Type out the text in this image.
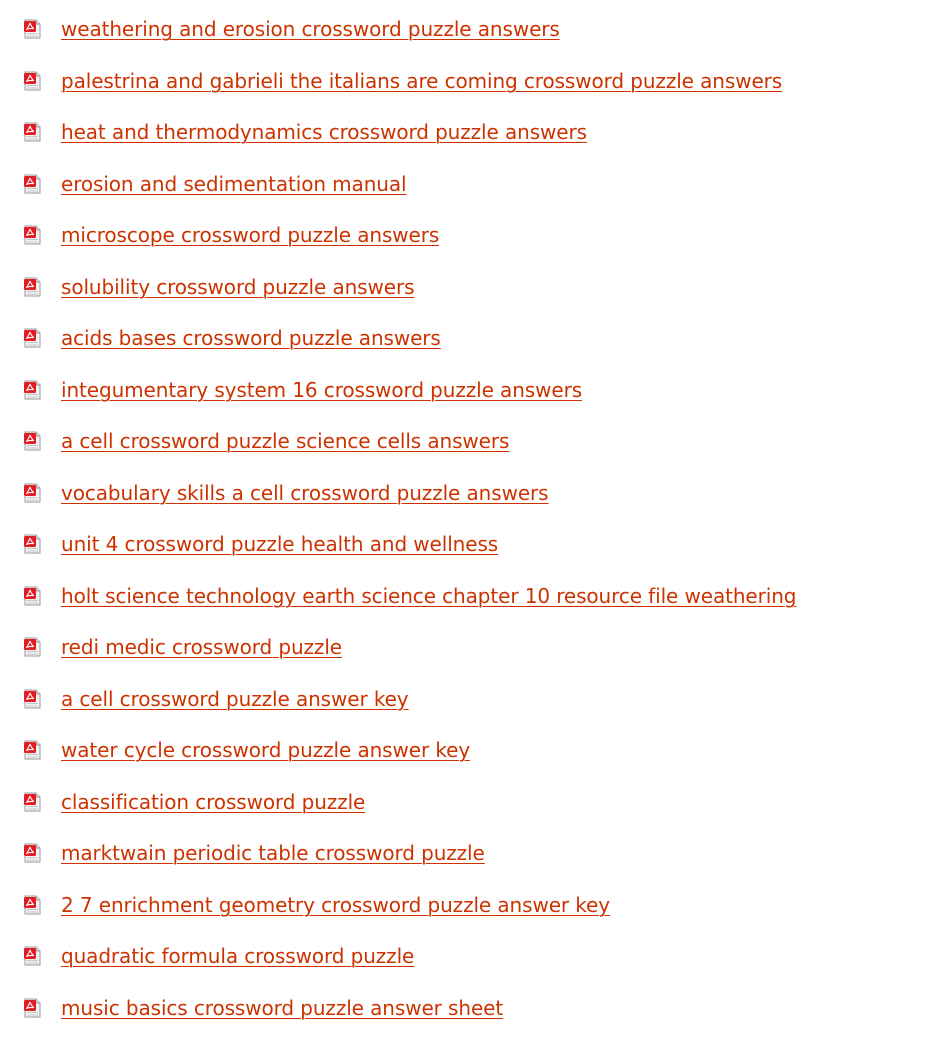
weathering and erosion crossword puzzle answers
palestrina and gabrieli the italians are coming crossword puzzle answers
heat and thermodynamics crossword puzzle answers
erosion and sedimentation manual
microscope crossword puzzle answers
solubility crossword puzzle answers
acids bases crossword puzzle answers
integumentary system 16 crossword puzzle answers
a cell crossword puzzle science cells answers
vocabulary skills a cell crossword puzzle answers
unit 4 crossword puzzle health and wellness
holt science technology earth science chapter 10 resource file weathering
redi medic crossword puzzle
a cell crossword puzzle answer key
water cycle crossword puzzle answer key
classification crossword puzzle
marktwain periodic table crossword puzzle
2 7 enrichment geometry crossword puzzle answer key
quadratic formula crossword puzzle
music basics crossword puzzle answer sheet
